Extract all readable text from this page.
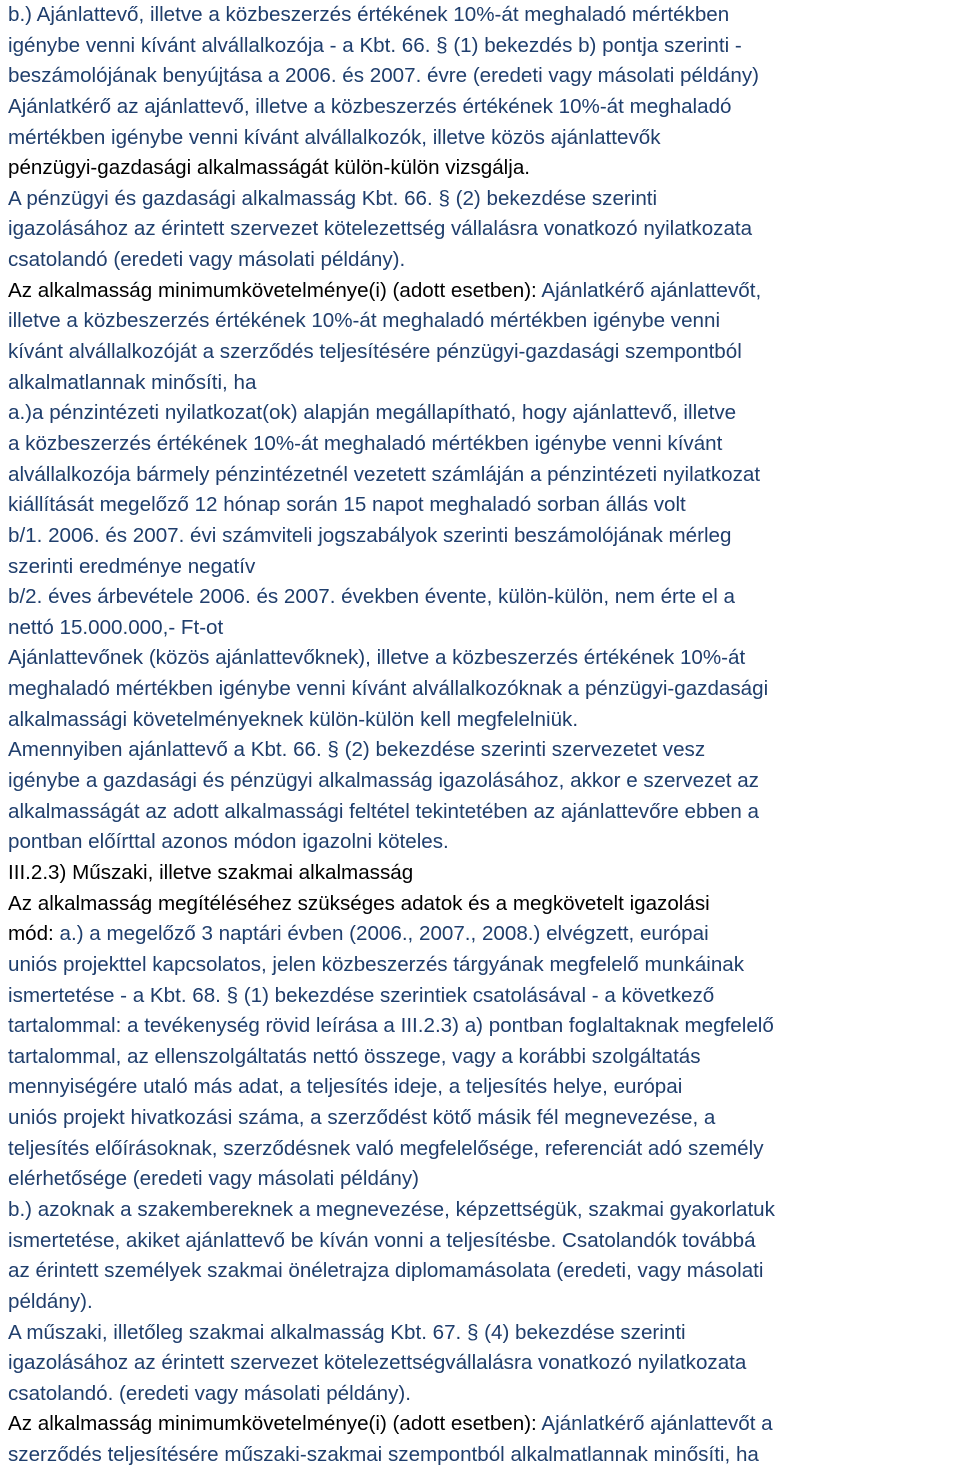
b.) Ajánlattevő, illetve a közbeszerzés értékének 10%-át meghaladó mértékben
igénybe venni kívánt alvállalkozója - a Kbt. 66. § (1) bekezdés b) pontja szerinti -
beszámolójának benyújtása a 2006. és 2007. évre (eredeti vagy másolati példány)
Ajánlatkérő az ajánlattevő, illetve a közbeszerzés értékének 10%-át meghaladó
mértékben igénybe venni kívánt alvállalkozók, illetve közös ajánlattevők
pénzügyi-gazdasági alkalmasságát külön-külön vizsgálja.
A pénzügyi és gazdasági alkalmasság Kbt. 66. § (2) bekezdése szerinti
igazolásához az érintett szervezet kötelezettség vállalásra vonatkozó nyilatkozata
csatolandó (eredeti vagy másolati példány).
Az alkalmasság minimumkövetelménye(i) (adott esetben): Ajánlatkérő ajánlattevőt,
illetve a közbeszerzés értékének 10%-át meghaladó mértékben igénybe venni
kívánt alvállalkozóját a szerződés teljesítésére pénzügyi-gazdasági szempontból
alkalmatlannak minősíti, ha
a.)a pénzintézeti nyilatkozat(ok) alapján megállapítható, hogy ajánlattevő, illetve
a közbeszerzés értékének 10%-át meghaladó mértékben igénybe venni kívánt
alvállalkozója bármely pénzintézetnél vezetett számláján a pénzintézeti nyilatkozat
kiállítását megelőző 12 hónap során 15 napot meghaladó sorban állás volt
b/1. 2006. és 2007. évi számviteli jogszabályok szerinti beszámolójának mérleg
szerinti eredménye negatív
b/2. éves árbevétele 2006. és 2007. években évente, külön-külön, nem érte el a
nettó 15.000.000,- Ft-ot
Ajánlattevőnek (közös ajánlattevőknek), illetve a közbeszerzés értékének 10%-át
meghaladó mértékben igénybe venni kívánt alvállalkozóknak a pénzügyi-gazdasági
alkalmassági követelményeknek külön-külön kell megfelelniük.
Amennyiben ajánlattevő a Kbt. 66. § (2) bekezdése szerinti szervezetet vesz
igénybe a gazdasági és pénzügyi alkalmasság igazolásához, akkor e szervezet az
alkalmasságát az adott alkalmassági feltétel tekintetében az ajánlattevőre ebben a
pontban előírttal azonos módon igazolni köteles.
III.2.3) Műszaki, illetve szakmai alkalmasság
Az alkalmasság megítéléséhez szükséges adatok és a megkövetelt igazolási
mód: a.) a megelőző 3 naptári évben (2006., 2007., 2008.) elvégzett, európai
uniós projekttel kapcsolatos, jelen közbeszerzés tárgyának megfelelő munkáinak
ismertetése - a Kbt. 68. § (1) bekezdése szerintiek csatolásával - a következő
tartalommal: a tevékenység rövid leírása a III.2.3) a) pontban foglaltaknak megfelelő
tartalommal, az ellenszolgáltatás nettó összege, vagy a korábbi szolgáltatás
mennyiségére utaló más adat, a teljesítés ideje, a teljesítés helye, európai
uniós projekt hivatkozási száma, a szerződést kötő másik fél megnevezése, a
teljesítés előírásoknak, szerződésnek való megfelelősége, referenciát adó személy
elérhetősége (eredeti vagy másolati példány)
b.) azoknak a szakembereknek a megnevezése, képzettségük, szakmai gyakorlatuk
ismertetése, akiket ajánlattevő be kíván vonni a teljesítésbe. Csatolandók továbbá
az érintett személyek szakmai önéletrajza diplomamásolata (eredeti, vagy másolati
példány).
A műszaki, illetőleg szakmai alkalmasság Kbt. 67. § (4) bekezdése szerinti
igazolásához az érintett szervezet kötelezettségvállalásra vonatkozó nyilatkozata
csatolandó. (eredeti vagy másolati példány).
Az alkalmasság minimumkövetelménye(i) (adott esetben): Ajánlatkérő ajánlattevőt a
szerződés teljesítésére műszaki-szakmai szempontból alkalmatlannak minősíti, ha
